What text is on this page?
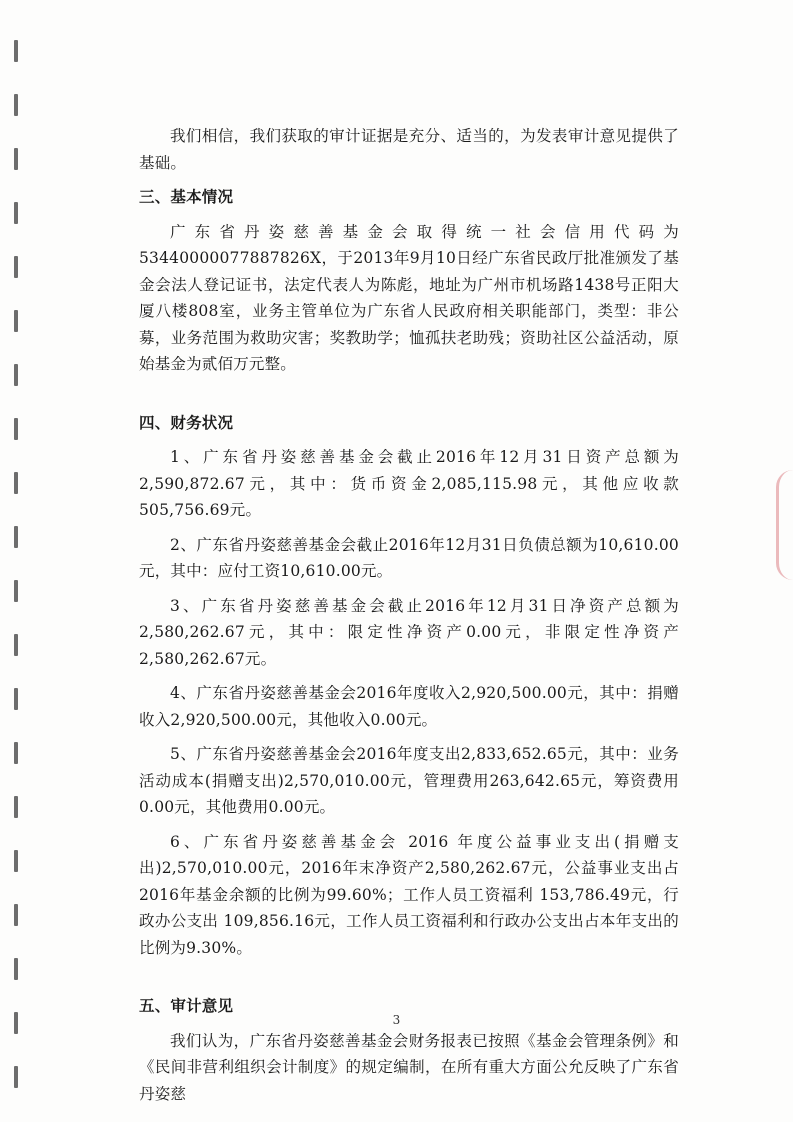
我们相信，我们获取的审计证据是充分、适当的，为发表审计意见提供了基础。

三、基本情况

广东省丹姿慈善基金会取得统一社会信用代码为53440000077887826X，于2013年9月10日经广东省民政厅批准颁发了基金会法人登记证书，法定代表人为陈彪，地址为广州市机场路1438号正阳大厦八楼808室，业务主管单位为广东省人民政府相关职能部门，类型：非公募，业务范围为救助灾害；奖教助学；恤孤扶老助残；资助社区公益活动，原始基金为贰佰万元整。

四、财务状况

1、广东省丹姿慈善基金会截止2016年12月31日资产总额为2,590,872.67元，其中：货币资金2,085,115.98元，其他应收款505,756.69元。

2、广东省丹姿慈善基金会截止2016年12月31日负债总额为10,610.00元，其中：应付工资10,610.00元。

3、广东省丹姿慈善基金会截止2016年12月31日净资产总额为2,580,262.67元，其中：限定性净资产0.00元，非限定性净资产2,580,262.67元。

4、广东省丹姿慈善基金会2016年度收入2,920,500.00元，其中：捐赠收入2,920,500.00元，其他收入0.00元。

5、广东省丹姿慈善基金会2016年度支出2,833,652.65元，其中：业务活动成本(捐赠支出)2,570,010.00元，管理费用263,642.65元，筹资费用0.00元，其他费用0.00元。

6、广东省丹姿慈善基金会 2016 年度公益事业支出(捐赠支出)2,570,010.00元，2016年末净资产2,580,262.67元，公益事业支出占2016年基金余额的比例为99.60%；工作人员工资福利 153,786.49元，行政办公支出 109,856.16元，工作人员工资福利和行政办公支出占本年支出的比例为9.30%。

五、审计意见

我们认为，广东省丹姿慈善基金会财务报表已按照《基金会管理条例》和《民间非营利组织会计制度》的规定编制，在所有重大方面公允反映了广东省丹姿慈

3
